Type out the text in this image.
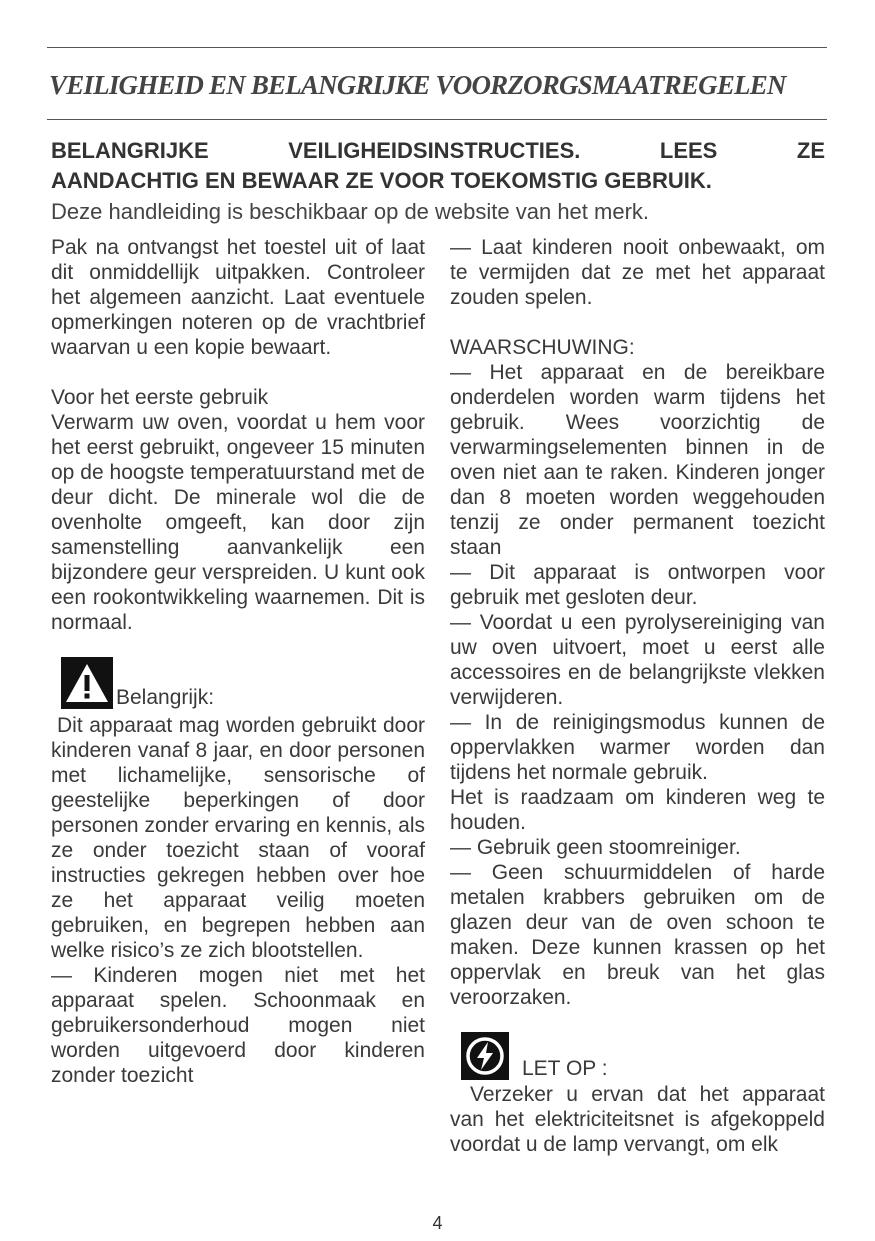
VEILIGHEID EN BELANGRIJKE VOORZORGSMAATREGELEN
BELANGRIJKE VEILIGHEIDSINSTRUCTIES. LEES ZE
AANDACHTIG EN BEWAAR ZE VOOR TOEKOMSTIG GEBRUIK.
Deze handleiding is beschikbaar op de website van het merk.

Pak na ontvangst het toestel uit of laat dit onmiddellijk uitpakken. Controleer het algemeen aanzicht. Laat eventuele opmerkingen noteren op de vrachtbrief waarvan u een kopie bewaart.

Voor het eerste gebruik

Verwarm uw oven, voordat u hem voor het eerst gebruikt, ongeveer 15 minuten op de hoogste temperatuurstand met de deur dicht. De minerale wol die de ovenholte omgeeft, kan door zijn samenstelling aanvankelijk een bijzondere geur verspreiden. U kunt ook een rookontwikkeling waarnemen. Dit is normaal.

Belangrijk:

Dit apparaat mag worden gebruikt door kinderen vanaf 8 jaar, en door personen met lichamelijke, sensorische of geestelijke beperkingen of door personen zonder ervaring en kennis, als ze onder toezicht staan of vooraf instructies gekregen hebben over hoe ze het apparaat veilig moeten gebruiken, en begrepen hebben aan welke risico’s ze zich blootstellen.

— Kinderen mogen niet met het apparaat spelen. Schoonmaak en gebruikersonderhoud mogen niet worden uitgevoerd door kinderen zonder toezicht

— Laat kinderen nooit onbewaakt, om te vermijden dat ze met het apparaat zouden spelen.

WAARSCHUWING:

— Het apparaat en de bereikbare onderdelen worden warm tijdens het gebruik. Wees voorzichtig de verwarmingselementen binnen in de oven niet aan te raken. Kinderen jonger dan 8 moeten worden weggehouden tenzij ze onder permanent toezicht staan

— Dit apparaat is ontworpen voor gebruik met gesloten deur.

— Voordat u een pyrolysereiniging van uw oven uitvoert, moet u eerst alle accessoires en de belangrijkste vlekken verwijderen.

— In de reinigingsmodus kunnen de oppervlakken warmer worden dan tijdens het normale gebruik.

Het is raadzaam om kinderen weg te houden.

— Gebruik geen stoomreiniger.

— Geen schuurmiddelen of harde metalen krabbers gebruiken om de glazen deur van de oven schoon te maken. Deze kunnen krassen op het oppervlak en breuk van het glas veroorzaken.

LET OP :

Verzeker u ervan dat het apparaat van het elektriciteitsnet is afgekoppeld voordat u de lamp vervangt, om elk

4
